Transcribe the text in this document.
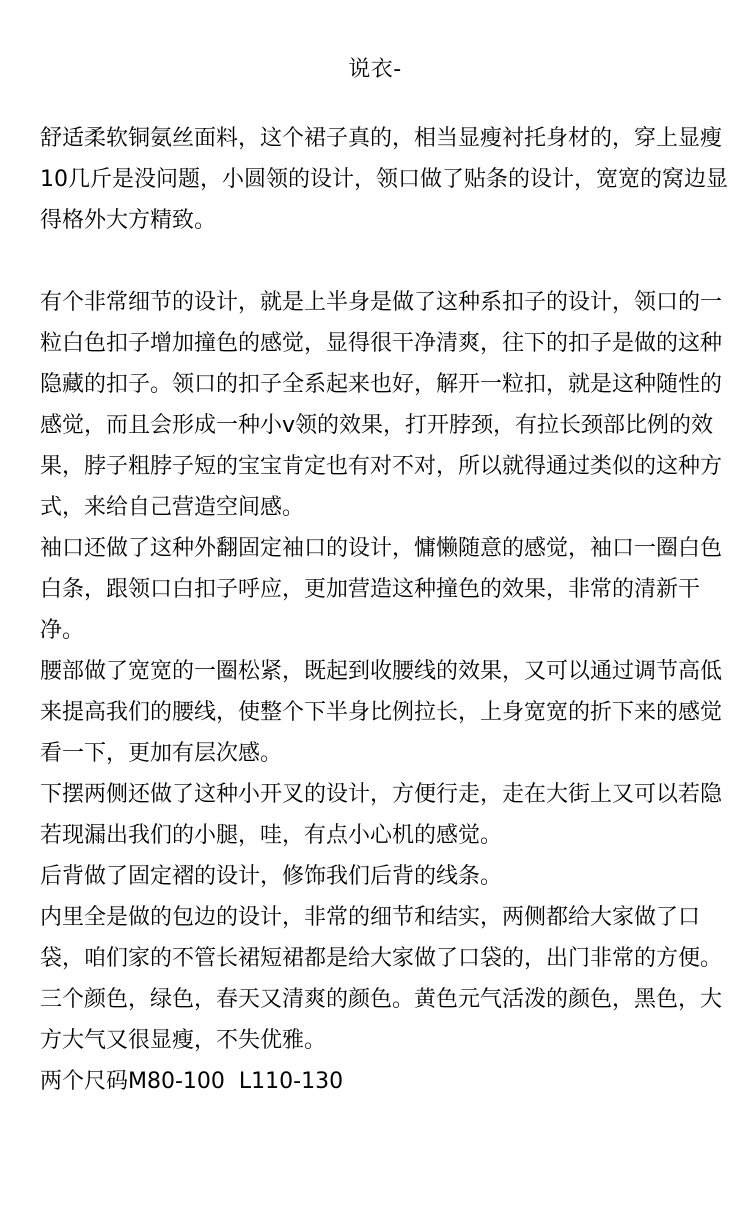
说衣-

舒适柔软铜氨丝面料，这个裙子真的，相当显瘦衬托身材的，穿上显瘦10几斤是没问题，小圆领的设计，领口做了贴条的设计，宽宽的窝边显得格外大方精致。

有个非常细节的设计，就是上半身是做了这种系扣子的设计，领口的一粒白色扣子增加撞色的感觉，显得很干净清爽，往下的扣子是做的这种隐藏的扣子。领口的扣子全系起来也好，解开一粒扣，就是这种随性的感觉，而且会形成一种小v领的效果，打开脖颈，有拉长颈部比例的效果，脖子粗脖子短的宝宝肯定也有对不对，所以就得通过类似的这种方式，来给自己营造空间感。

袖口还做了这种外翻固定袖口的设计，慵懒随意的感觉，袖口一圈白色白条，跟领口白扣子呼应，更加营造这种撞色的效果，非常的清新干净。

腰部做了宽宽的一圈松紧，既起到收腰线的效果，又可以通过调节高低来提高我们的腰线，使整个下半身比例拉长，上身宽宽的折下来的感觉看一下，更加有层次感。

下摆两侧还做了这种小开叉的设计，方便行走，走在大街上又可以若隐若现漏出我们的小腿，哇，有点小心机的感觉。

后背做了固定褶的设计，修饰我们后背的线条。

内里全是做的包边的设计，非常的细节和结实，两侧都给大家做了口袋，咱们家的不管长裙短裙都是给大家做了口袋的，出门非常的方便。三个颜色，绿色，春天又清爽的颜色。黄色元气活泼的颜色，黑色，大方大气又很显瘦，不失优雅。

两个尺码M80-100  L110-130
